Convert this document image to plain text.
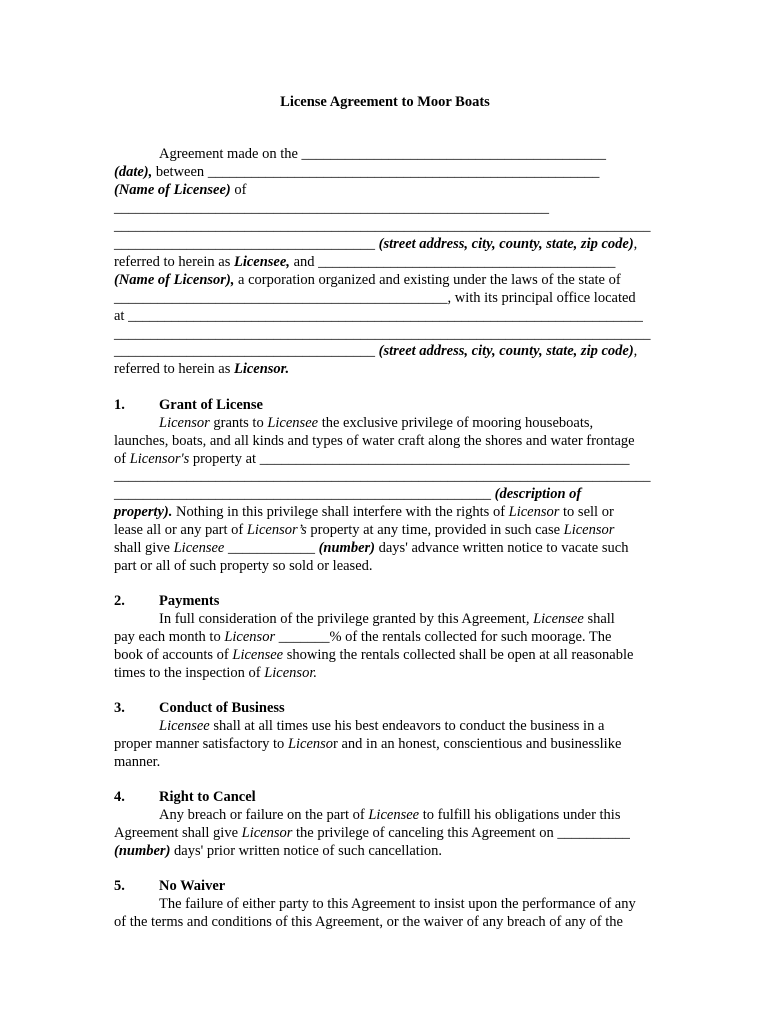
License Agreement to Moor Boats
Agreement made on the __________________________________________
(date), between ______________________________________________________
(Name of Licensee) of
____________________________________________________________
__________________________________________________________________________
____________________________________ (street address, city, county, state, zip code),
referred to herein as Licensee, and _________________________________________
(Name of Licensor), a corporation organized and existing under the laws of the state of
______________________________________________, with its principal office located
at _______________________________________________________________________
__________________________________________________________________________
____________________________________ (street address, city, county, state, zip code),
referred to herein as Licensor.
1. Grant of License
Licensor grants to Licensee the exclusive privilege of mooring houseboats,
launches, boats, and all kinds and types of water craft along the shores and water frontage
of Licensor's property at ___________________________________________________
__________________________________________________________________________
____________________________________________________ (description of
property). Nothing in this privilege shall interfere with the rights of Licensor to sell or
lease all or any part of Licensor’s property at any time, provided in such case Licensor
shall give Licensee ____________ (number) days' advance written notice to vacate such
part or all of such property so sold or leased.
2. Payments
In full consideration of the privilege granted by this Agreement, Licensee shall
pay each month to Licensor _______% of the rentals collected for such moorage. The
book of accounts of Licensee showing the rentals collected shall be open at all reasonable
times to the inspection of Licensor.
3. Conduct of Business
Licensee shall at all times use his best endeavors to conduct the business in a
proper manner satisfactory to Licensor and in an honest, conscientious and businesslike
manner.
4. Right to Cancel
Any breach or failure on the part of Licensee to fulfill his obligations under this
Agreement shall give Licensor the privilege of canceling this Agreement on __________
(number) days' prior written notice of such cancellation.
5. No Waiver
The failure of either party to this Agreement to insist upon the performance of any
of the terms and conditions of this Agreement, or the waiver of any breach of any of the
